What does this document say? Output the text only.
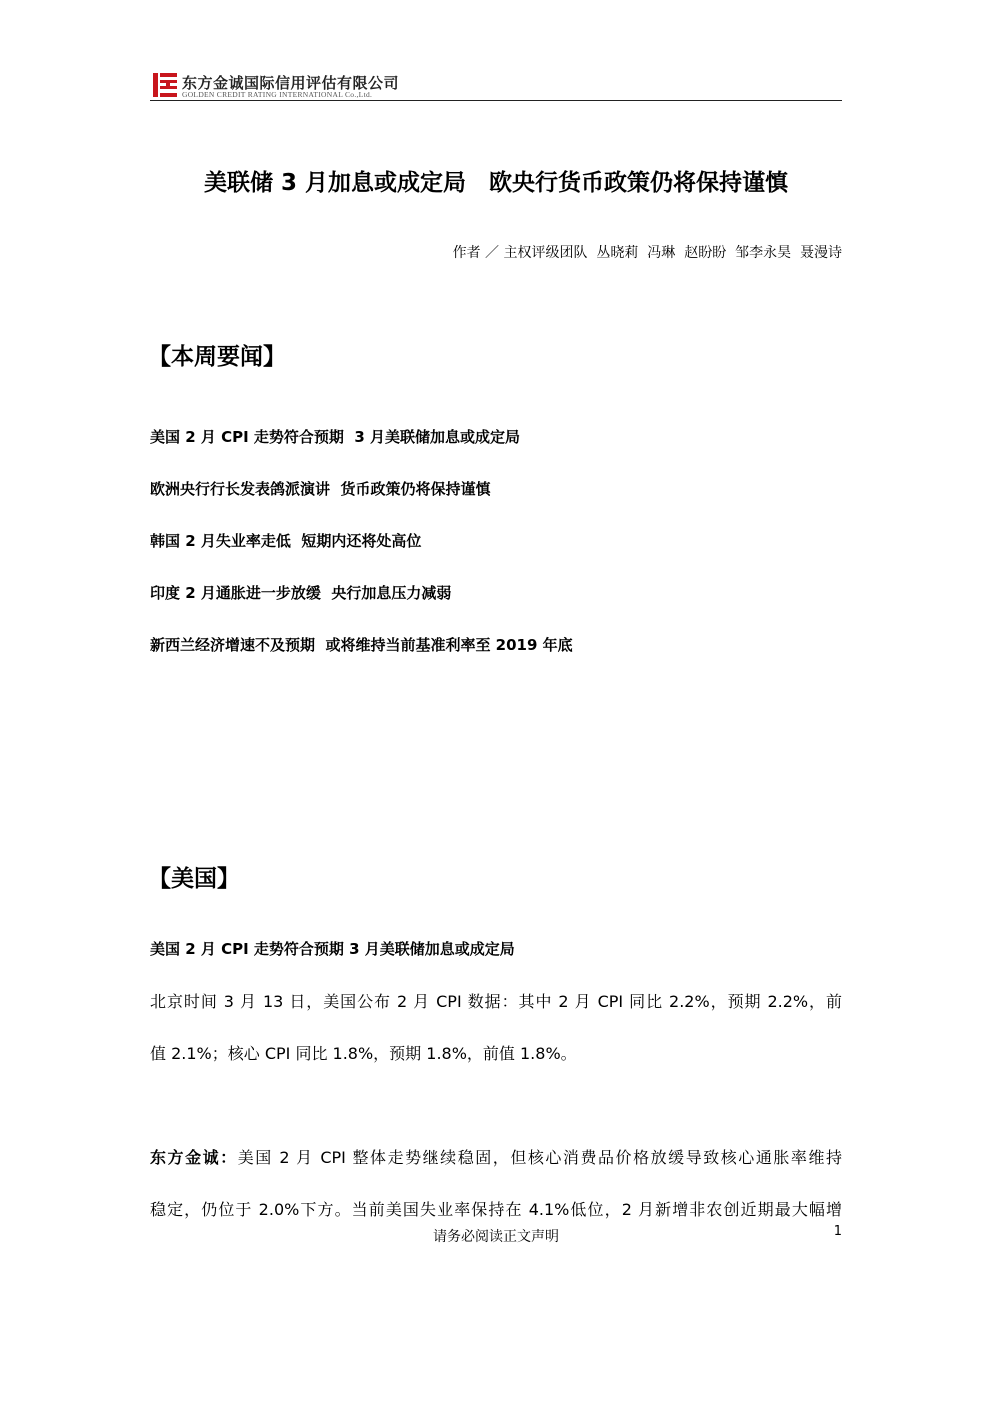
东方金诚国际信用评估有限公司
GOLDEN CREDIT RATING INTERNATIONAL Co.,Ltd.
美联储 3 月加息或成定局　欧央行货币政策仍将保持谨慎
作者 ／ 主权评级团队  丛晓莉  冯琳  赵盼盼  邹李永昊  聂漫诗
【本周要闻】
美国 2 月 CPI 走势符合预期  3 月美联储加息或成定局
欧洲央行行长发表鸽派演讲  货币政策仍将保持谨慎
韩国 2 月失业率走低  短期内还将处高位
印度 2 月通胀进一步放缓  央行加息压力减弱
新西兰经济增速不及预期  或将维持当前基准利率至 2019 年底
【美国】
美国 2 月 CPI 走势符合预期 3 月美联储加息或成定局
北京时间 3 月 13 日，美国公布 2 月 CPI 数据：其中 2 月 CPI 同比 2.2%，预期 2.2%，前
值 2.1%；核心 CPI 同比 1.8%，预期 1.8%，前值 1.8%。
东方金诚：美国 2 月 CPI 整体走势继续稳固，但核心消费品价格放缓导致核心通胀率维持
稳定，仍位于 2.0%下方。当前美国失业率保持在 4.1%低位，2 月新增非农创近期最大幅增
请务必阅读正文声明	1
